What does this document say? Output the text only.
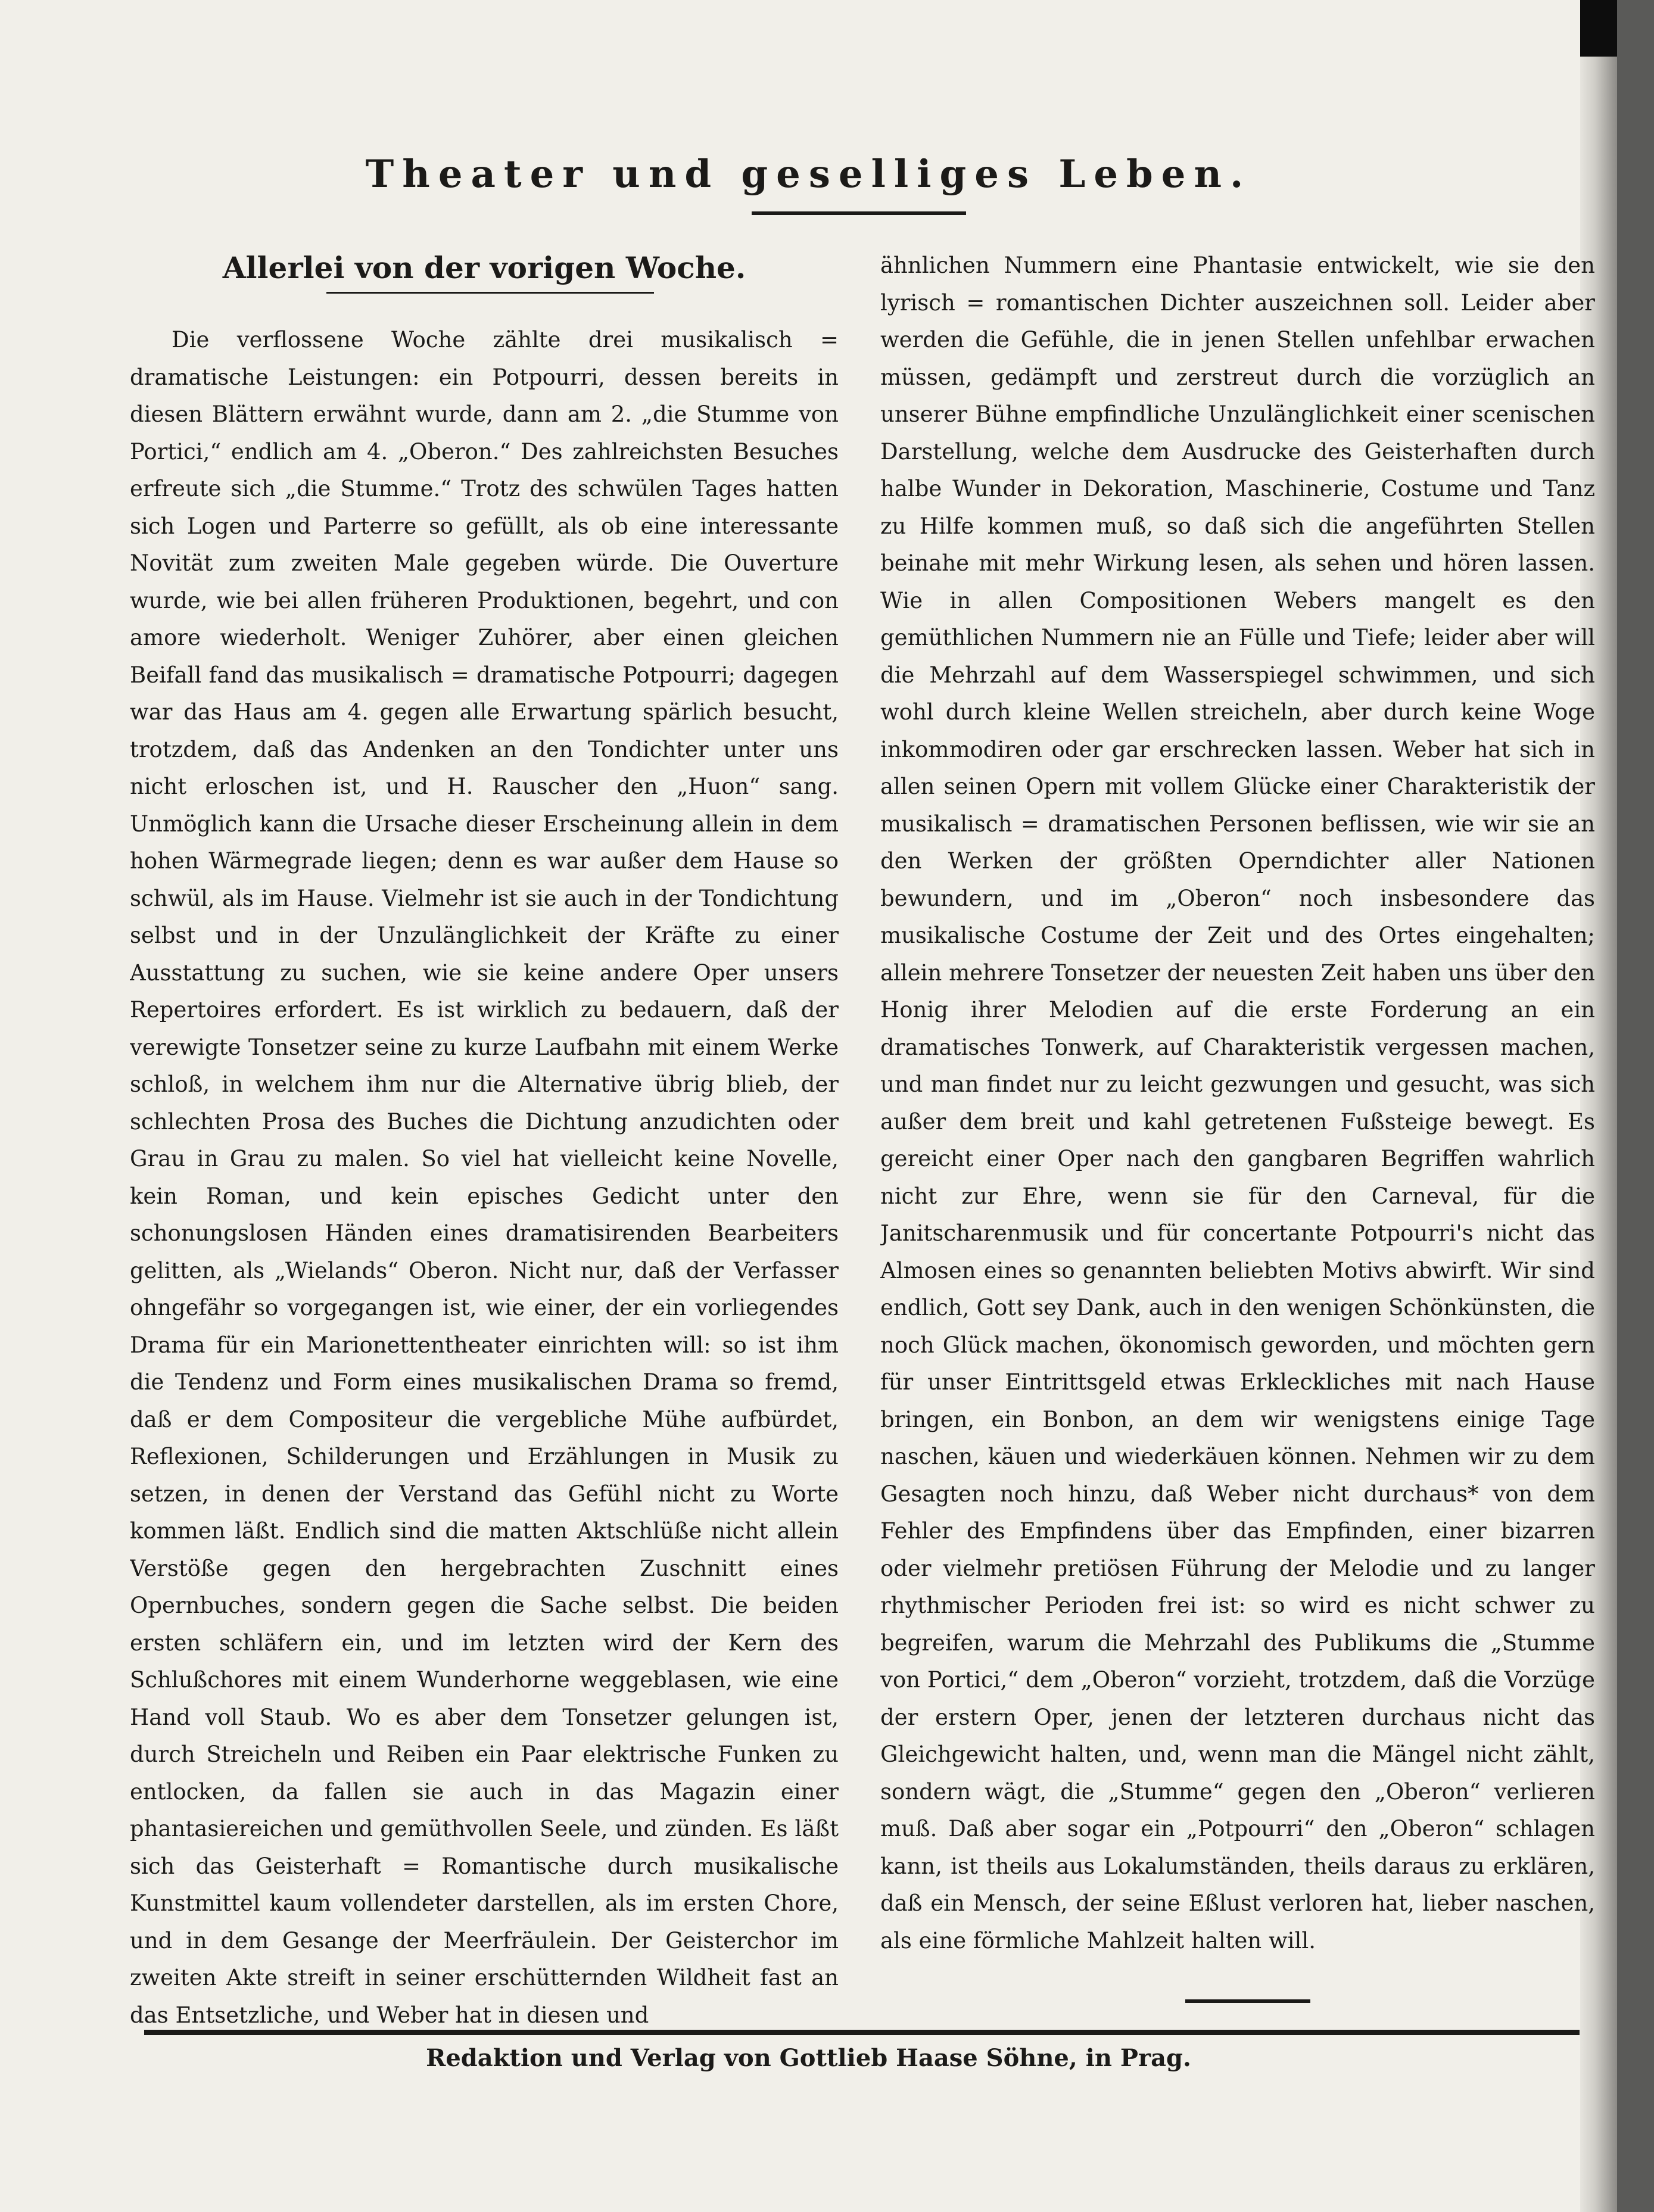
Theater und geselliges Leben.
Allerlei von der vorigen Woche.

Die verflossene Woche zählte drei musikalisch = dramatische Leistungen: ein Potpourri, dessen bereits in diesen Blättern erwähnt wurde, dann am 2. „die Stumme von Portici,“ endlich am 4. „Oberon.“ Des zahlreichsten Besuches erfreute sich „die Stumme.“ Trotz des schwülen Tages hatten sich Logen und Parterre so gefüllt, als ob eine interessante Novität zum zweiten Male gegeben würde. Die Ouverture wurde, wie bei allen früheren Produktionen, begehrt, und con amore wiederholt. Weniger Zuhörer, aber einen gleichen Beifall fand das musikalisch = dramatische Potpourri; dagegen war das Haus am 4. gegen alle Erwartung spärlich besucht, trotzdem, daß das Andenken an den Tondichter unter uns nicht erloschen ist, und H. Rauscher den „Huon“ sang. Unmöglich kann die Ursache dieser Erscheinung allein in dem hohen Wärmegrade liegen; denn es war außer dem Hause so schwül, als im Hause. Vielmehr ist sie auch in der Tondichtung selbst und in der Unzulänglichkeit der Kräfte zu einer Ausstattung zu suchen, wie sie keine andere Oper unsers Repertoires erfordert. Es ist wirklich zu bedauern, daß der verewigte Tonsetzer seine zu kurze Laufbahn mit einem Werke schloß, in welchem ihm nur die Alternative übrig blieb, der schlechten Prosa des Buches die Dichtung anzudichten oder Grau in Grau zu malen. So viel hat vielleicht keine Novelle, kein Roman, und kein episches Gedicht unter den schonungslosen Händen eines dramatisirenden Bearbeiters gelitten, als „Wielands“ Oberon. Nicht nur, daß der Verfasser ohngefähr so vorgegangen ist, wie einer, der ein vorliegendes Drama für ein Marionettentheater einrichten will: so ist ihm die Tendenz und Form eines musikalischen Drama so fremd, daß er dem Compositeur die vergebliche Mühe aufbürdet, Reflexionen, Schilderungen und Erzählungen in Musik zu setzen, in denen der Verstand das Gefühl nicht zu Worte kommen läßt. Endlich sind die matten Aktschlüße nicht allein Verstöße gegen den hergebrachten Zuschnitt eines Opernbuches, sondern gegen die Sache selbst. Die beiden ersten schläfern ein, und im letzten wird der Kern des Schlußchores mit einem Wunderhorne weggeblasen, wie eine Hand voll Staub. Wo es aber dem Tonsetzer gelungen ist, durch Streicheln und Reiben ein Paar elektrische Funken zu entlocken, da fallen sie auch in das Magazin einer phantasiereichen und gemüthvollen Seele, und zünden. Es läßt sich das Geisterhaft = Romantische durch musikalische Kunstmittel kaum vollendeter darstellen, als im ersten Chore, und in dem Gesange der Meerfräulein. Der Geisterchor im zweiten Akte streift in seiner erschütternden Wildheit fast an das Entsetzliche, und Weber hat in diesen und

ähnlichen Nummern eine Phantasie entwickelt, wie sie den lyrisch = romantischen Dichter auszeichnen soll. Leider aber werden die Gefühle, die in jenen Stellen unfehlbar erwachen müssen, gedämpft und zerstreut durch die vorzüglich an unserer Bühne empfindliche Unzulänglichkeit einer scenischen Darstellung, welche dem Ausdrucke des Geisterhaften durch halbe Wunder in Dekoration, Maschinerie, Costume und Tanz zu Hilfe kommen muß, so daß sich die angeführten Stellen beinahe mit mehr Wirkung lesen, als sehen und hören lassen. Wie in allen Compositionen Webers mangelt es den gemüthlichen Nummern nie an Fülle und Tiefe; leider aber will die Mehrzahl auf dem Wasserspiegel schwimmen, und sich wohl durch kleine Wellen streicheln, aber durch keine Woge inkommodiren oder gar erschrecken lassen. Weber hat sich in allen seinen Opern mit vollem Glücke einer Charakteristik der musikalisch = dramatischen Personen beflissen, wie wir sie an den Werken der größten Operndichter aller Nationen bewundern, und im „Oberon“ noch insbesondere das musikalische Costume der Zeit und des Ortes eingehalten; allein mehrere Tonsetzer der neuesten Zeit haben uns über den Honig ihrer Melodien auf die erste Forderung an ein dramatisches Tonwerk, auf Charakteristik vergessen machen, und man findet nur zu leicht gezwungen und gesucht, was sich außer dem breit und kahl getretenen Fußsteige bewegt. Es gereicht einer Oper nach den gangbaren Begriffen wahrlich nicht zur Ehre, wenn sie für den Carneval, für die Janitscharenmusik und für concertante Potpourri's nicht das Almosen eines so genannten beliebten Motivs abwirft. Wir sind endlich, Gott sey Dank, auch in den wenigen Schönkünsten, die noch Glück machen, ökonomisch geworden, und möchten gern für unser Eintrittsgeld etwas Erkleckliches mit nach Hause bringen, ein Bonbon, an dem wir wenigstens einige Tage naschen, käuen und wiederkäuen können. Nehmen wir zu dem Gesagten noch hinzu, daß Weber nicht durchaus* von dem Fehler des Empfindens über das Empfinden, einer bizarren oder vielmehr pretiösen Führung der Melodie und zu langer rhythmischer Perioden frei ist: so wird es nicht schwer zu begreifen, warum die Mehrzahl des Publikums die „Stumme von Portici,“ dem „Oberon“ vorzieht, trotzdem, daß die Vorzüge der erstern Oper, jenen der letzteren durchaus nicht das Gleichgewicht halten, und, wenn man die Mängel nicht zählt, sondern wägt, die „Stumme“ gegen den „Oberon“ verlieren muß. Daß aber sogar ein „Potpourri“ den „Oberon“ schlagen kann, ist theils aus Lokalumständen, theils daraus zu erklären, daß ein Mensch, der seine Eßlust verloren hat, lieber naschen, als eine förmliche Mahlzeit halten will.

Redaktion und Verlag von Gottlieb Haase Söhne, in Prag.
